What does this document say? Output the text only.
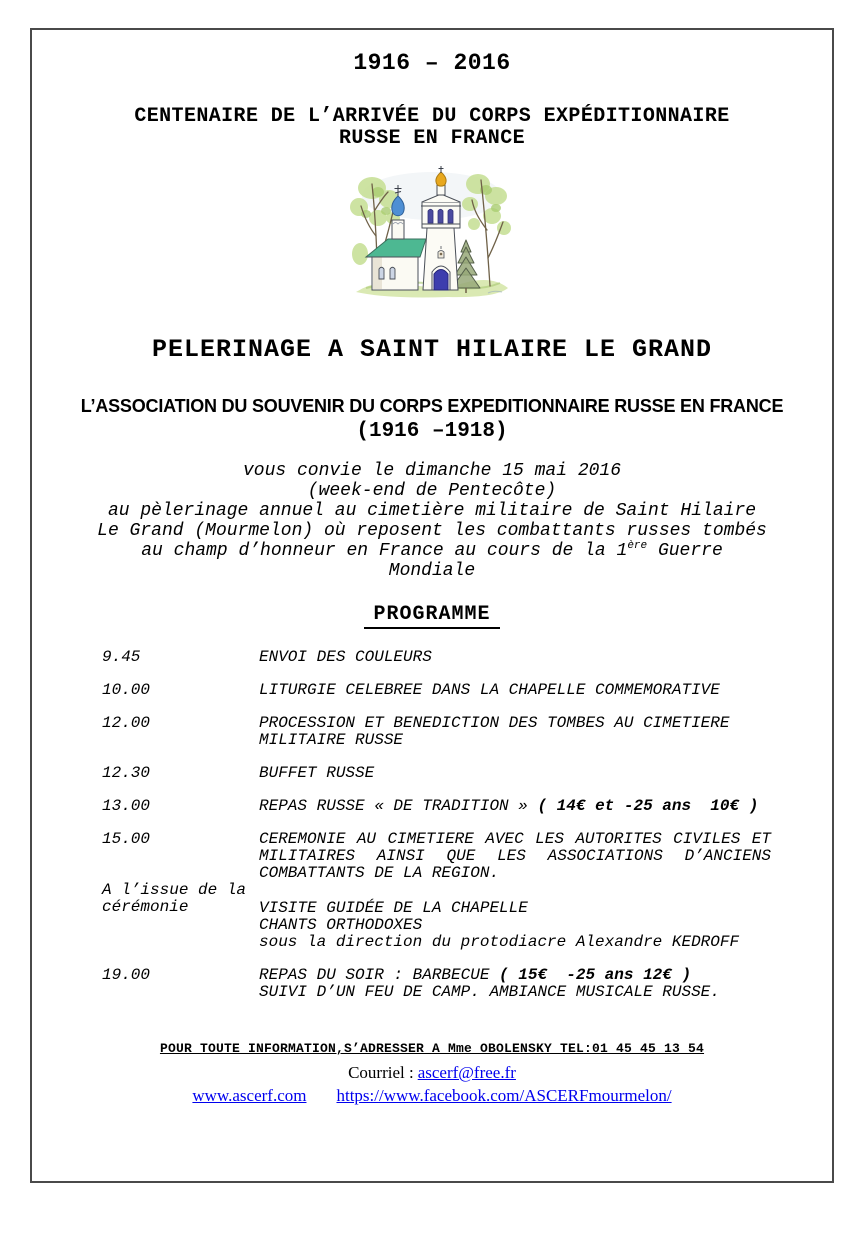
1916 – 2016
CENTENAIRE DE L’ARRIVÉE DU CORPS EXPÉDITIONNAIRE
RUSSE EN FRANCE
PELERINAGE A SAINT HILAIRE LE GRAND
L’ASSOCIATION DU SOUVENIR DU CORPS EXPEDITIONNAIRE RUSSE EN FRANCE
(1916 –1918)
vous convie le dimanche 15 mai 2016
(week-end de Pentecôte)
au pèlerinage annuel au cimetière militaire de Saint Hilaire
Le Grand (Mourmelon) où reposent les combattants russes tombés
au champ d’honneur en France au cours de la 1ère Guerre
Mondiale
PROGRAMME
9.45	ENVOI DES COULEURS
10.00	LITURGIE CELEBREE DANS LA CHAPELLE COMMEMORATIVE
12.00	PROCESSION ET BENEDICTION DES TOMBES AU CIMETIERE MILITAIRE RUSSE
12.30	BUFFET RUSSE
13.00	REPAS RUSSE « DE TRADITION » ( 14€ et -25 ans  10€ )
15.00	CEREMONIE AU CIMETIERE AVEC LES AUTORITES CIVILES ET MILITAIRES AINSI QUE LES ASSOCIATIONS D’ANCIENS COMBATTANTS DE LA REGION.
A l’issue de la
cérémonie	VISITE GUIDÉE DE LA CHAPELLE
CHANTS ORTHODOXES
sous la direction du protodiacre Alexandre KEDROFF
19.00	REPAS DU SOIR : BARBECUE ( 15€  -25 ans 12€ )
SUIVI D’UN FEU DE CAMP. AMBIANCE MUSICALE RUSSE.
POUR TOUTE INFORMATION,S’ADRESSER A Mme OBOLENSKY TEL:01 45 45 13 54
Courriel : ascerf@free.fr
www.ascerf.com https://www.facebook.com/ASCERFmourmelon/
